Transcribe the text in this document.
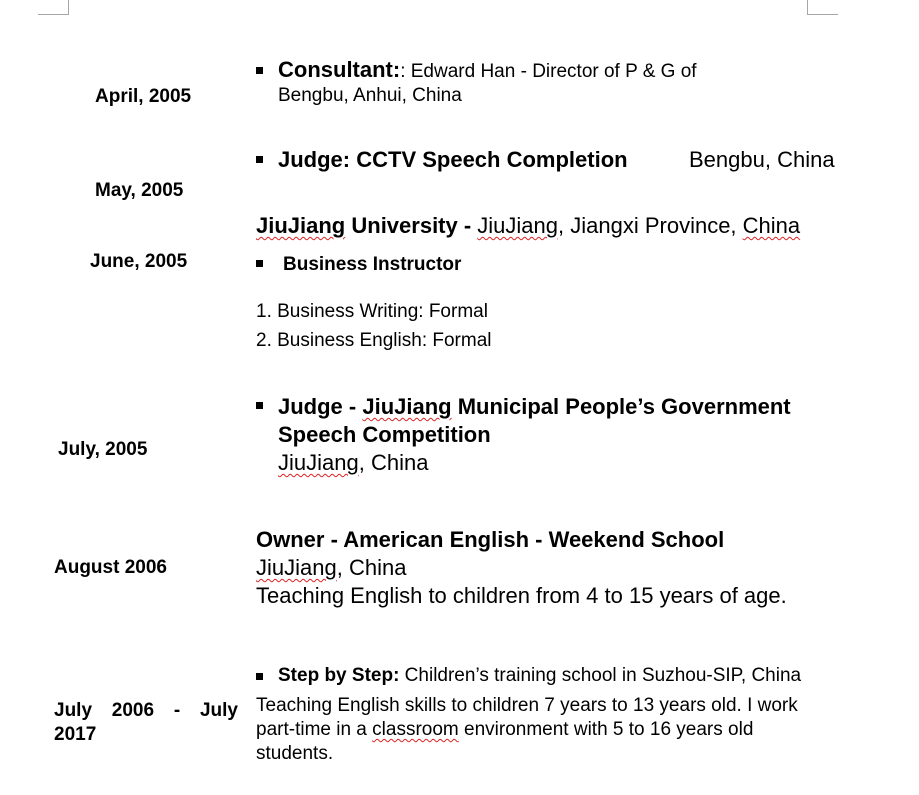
April, 2005
Consultant:: Edward Han - Director of P & G of
Bengbu, Anhui, China
May, 2005
Judge: CCTV Speech Completion	Bengbu, China
June, 2005
JiuJiang University - JiuJiang, Jiangxi Province, China
Business Instructor
1. Business Writing: Formal
2. Business English: Formal
July, 2005
Judge - JiuJiang Municipal People’s Government
Speech Competition
JiuJiang, China
August 2006
Owner - American English - Weekend School
JiuJiang, China
Teaching English to children from 4 to 15 years of age.
July 2006 - July
2017
Step by Step: Children’s training school in Suzhou-SIP, China
Teaching English skills to children 7 years to 13 years old. I work
part-time in a classroom environment with 5 to 16 years old
students.
